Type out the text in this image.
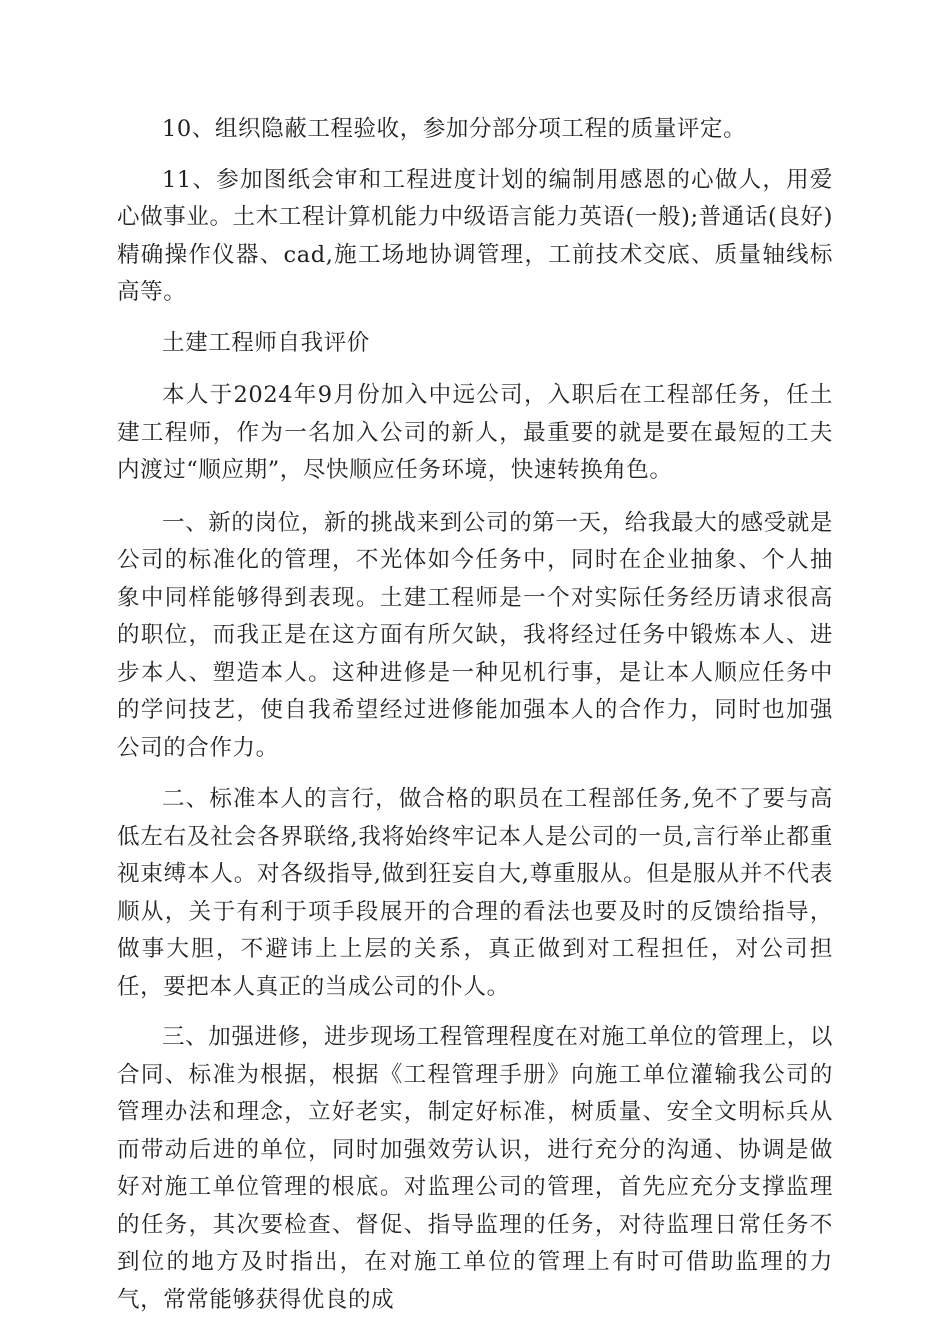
10、组织隐蔽工程验收，参加分部分项工程的质量评定。

11、参加图纸会审和工程进度计划的编制用感恩的心做人，用爱心做事业。土木工程计算机能力中级语言能力英语(一般);普通话(良好)精确操作仪器、cad,施工场地协调管理，工前技术交底、质量轴线标高等。

土建工程师自我评价

本人于2024年9月份加入中远公司，入职后在工程部任务，任土建工程师，作为一名加入公司的新人，最重要的就是要在最短的工夫内渡过“顺应期”，尽快顺应任务环境，快速转换角色。

一、新的岗位，新的挑战来到公司的第一天，给我最大的感受就是公司的标准化的管理，不光体如今任务中，同时在企业抽象、个人抽象中同样能够得到表现。土建工程师是一个对实际任务经历请求很高的职位，而我正是在这方面有所欠缺，我将经过任务中锻炼本人、进步本人、塑造本人。这种进修是一种见机行事，是让本人顺应任务中的学问技艺，使自我希望经过进修能加强本人的合作力，同时也加强公司的合作力。

二、标准本人的言行，做合格的职员在工程部任务,免不了要与高低左右及社会各界联络,我将始终牢记本人是公司的一员,言行举止都重视束缚本人。对各级指导,做到狂妄自大,尊重服从。但是服从并不代表顺从，关于有利于项手段展开的合理的看法也要及时的反馈给指导，做事大胆，不避讳上上层的关系，真正做到对工程担任，对公司担任，要把本人真正的当成公司的仆人。

三、加强进修，进步现场工程管理程度在对施工单位的管理上，以合同、标准为根据，根据《工程管理手册》向施工单位灌输我公司的管理办法和理念，立好老实，制定好标准，树质量、安全文明标兵从而带动后进的单位，同时加强效劳认识，进行充分的沟通、协调是做好对施工单位管理的根底。对监理公司的管理，首先应充分支撑监理的任务，其次要检查、督促、指导监理的任务，对待监理日常任务不到位的地方及时指出，在对施工单位的管理上有时可借助监理的力气，常常能够获得优良的成
